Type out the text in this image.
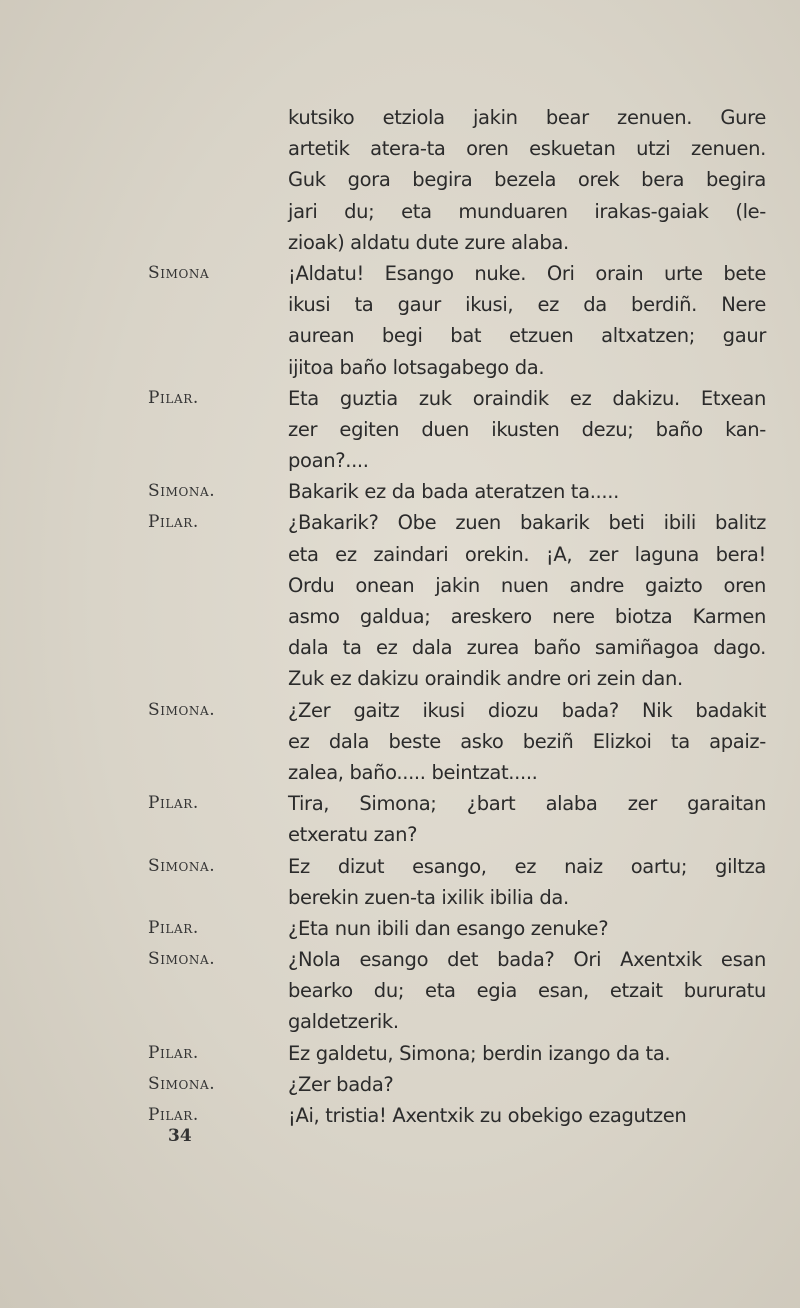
kutsiko etziola jakin bear zenuen. Gure
artetik atera-ta oren eskuetan utzi zenuen.
Guk gora begira bezela orek bera begira
jari du; eta munduaren irakas-gaiak (le-
zioak) aldatu dute zure alaba.
Simona	¡Aldatu! Esango nuke. Ori orain urte bete
ikusi ta gaur ikusi, ez da berdiñ. Nere
aurean begi bat etzuen altxatzen; gaur
ijitoa baño lotsagabego da.
Pilar.	Eta guztia zuk oraindik ez dakizu. Etxean
zer egiten duen ikusten dezu; baño kan-
poan?....
Simona.	Bakarik ez da bada ateratzen ta.....
Pilar.	¿Bakarik? Obe zuen bakarik beti ibili balitz
eta ez zaindari orekin. ¡A, zer laguna bera!
Ordu onean jakin nuen andre gaizto oren
asmo galdua; areskero nere biotza Karmen
dala ta ez dala zurea baño samiñagoa dago.
Zuk ez dakizu oraindik andre ori zein dan.
Simona.	¿Zer gaitz ikusi diozu bada? Nik badakit
ez dala beste asko beziñ Elizkoi ta apaiz-
zalea, baño..... beintzat.....
Pilar.	Tira, Simona; ¿bart alaba zer garaitan
etxeratu zan?
Simona.	Ez dizut esango, ez naiz oartu; giltza
berekin zuen-ta ixilik ibilia da.
Pilar.	¿Eta nun ibili dan esango zenuke?
Simona.	¿Nola esango det bada? Ori Axentxik esan
bearko du; eta egia esan, etzait bururatu
galdetzerik.
Pilar.	Ez galdetu, Simona; berdin izango da ta.
Simona.	¿Zer bada?
Pilar.	¡Ai, tristia! Axentxik zu obekigo ezagutzen
34
